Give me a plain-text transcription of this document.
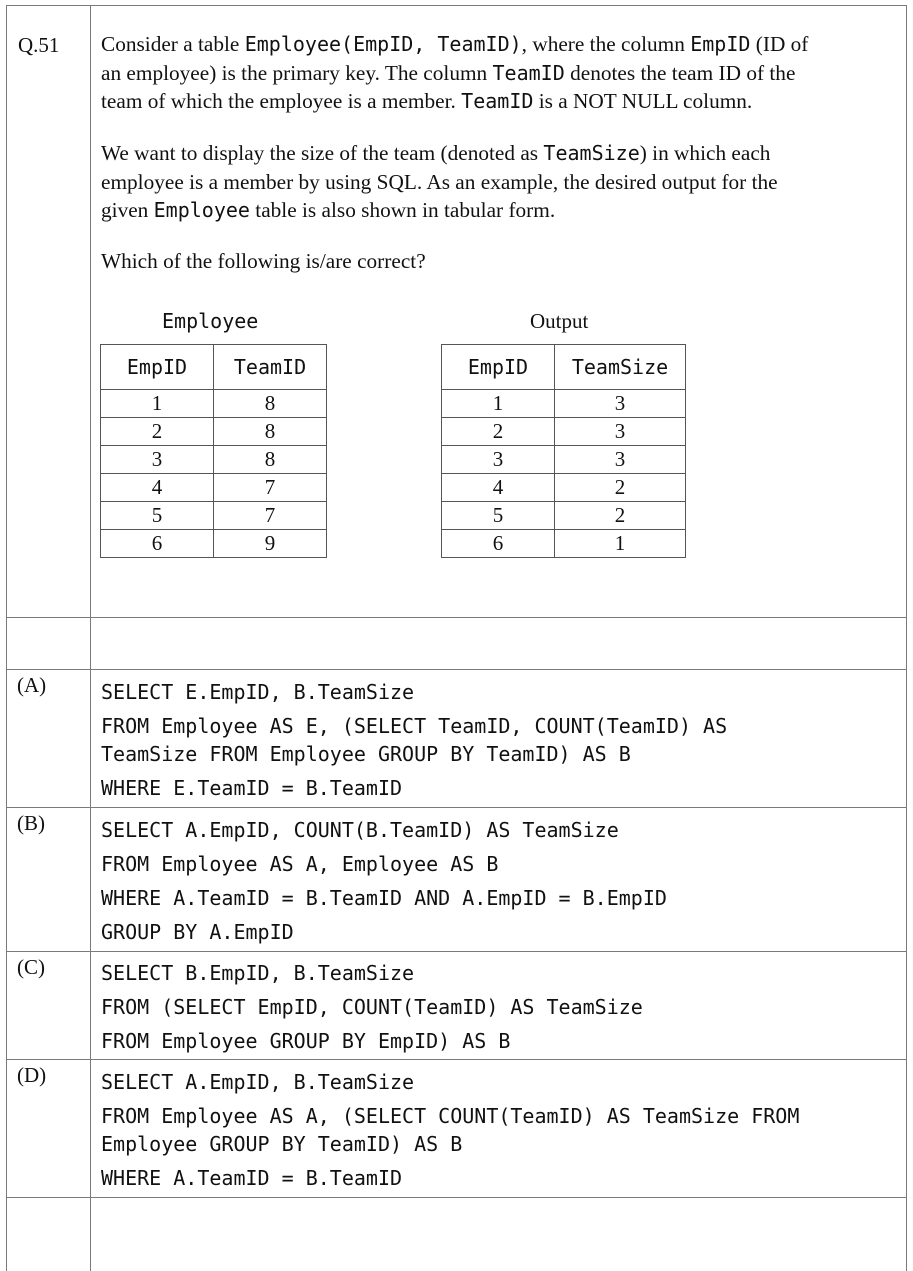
Q.51 Consider a table Employee(EmpID, TeamID), where the column EmpID (ID of
an employee) is the primary key. The column TeamID denotes the team ID of the
team of which the employee is a member. TeamID is a NOT NULL column.
We want to display the size of the team (denoted as TeamSize) in which each
employee is a member by using SQL. As an example, the desired output for the
given Employee table is also shown in tabular form.
Which of the following is/are correct?
Employee
EmpID	TeamID
1	8
2	8
3	8
4	7
5	7
6	9
Output
EmpID	TeamSize
1	3
2	3
3	3
4	2
5	2
6	1
(A)	SELECT E.EmpID, B.TeamSize
FROM Employee AS E, (SELECT TeamID, COUNT(TeamID) AS
TeamSize FROM Employee GROUP BY TeamID) AS B
WHERE E.TeamID = B.TeamID
(B)	SELECT A.EmpID, COUNT(B.TeamID) AS TeamSize
FROM Employee AS A, Employee AS B
WHERE A.TeamID = B.TeamID AND A.EmpID = B.EmpID
GROUP BY A.EmpID
(C)	SELECT B.EmpID, B.TeamSize
FROM (SELECT EmpID, COUNT(TeamID) AS TeamSize
FROM Employee GROUP BY EmpID) AS B
(D)	SELECT A.EmpID, B.TeamSize
FROM Employee AS A, (SELECT COUNT(TeamID) AS TeamSize FROM
Employee GROUP BY TeamID) AS B
WHERE A.TeamID = B.TeamID
